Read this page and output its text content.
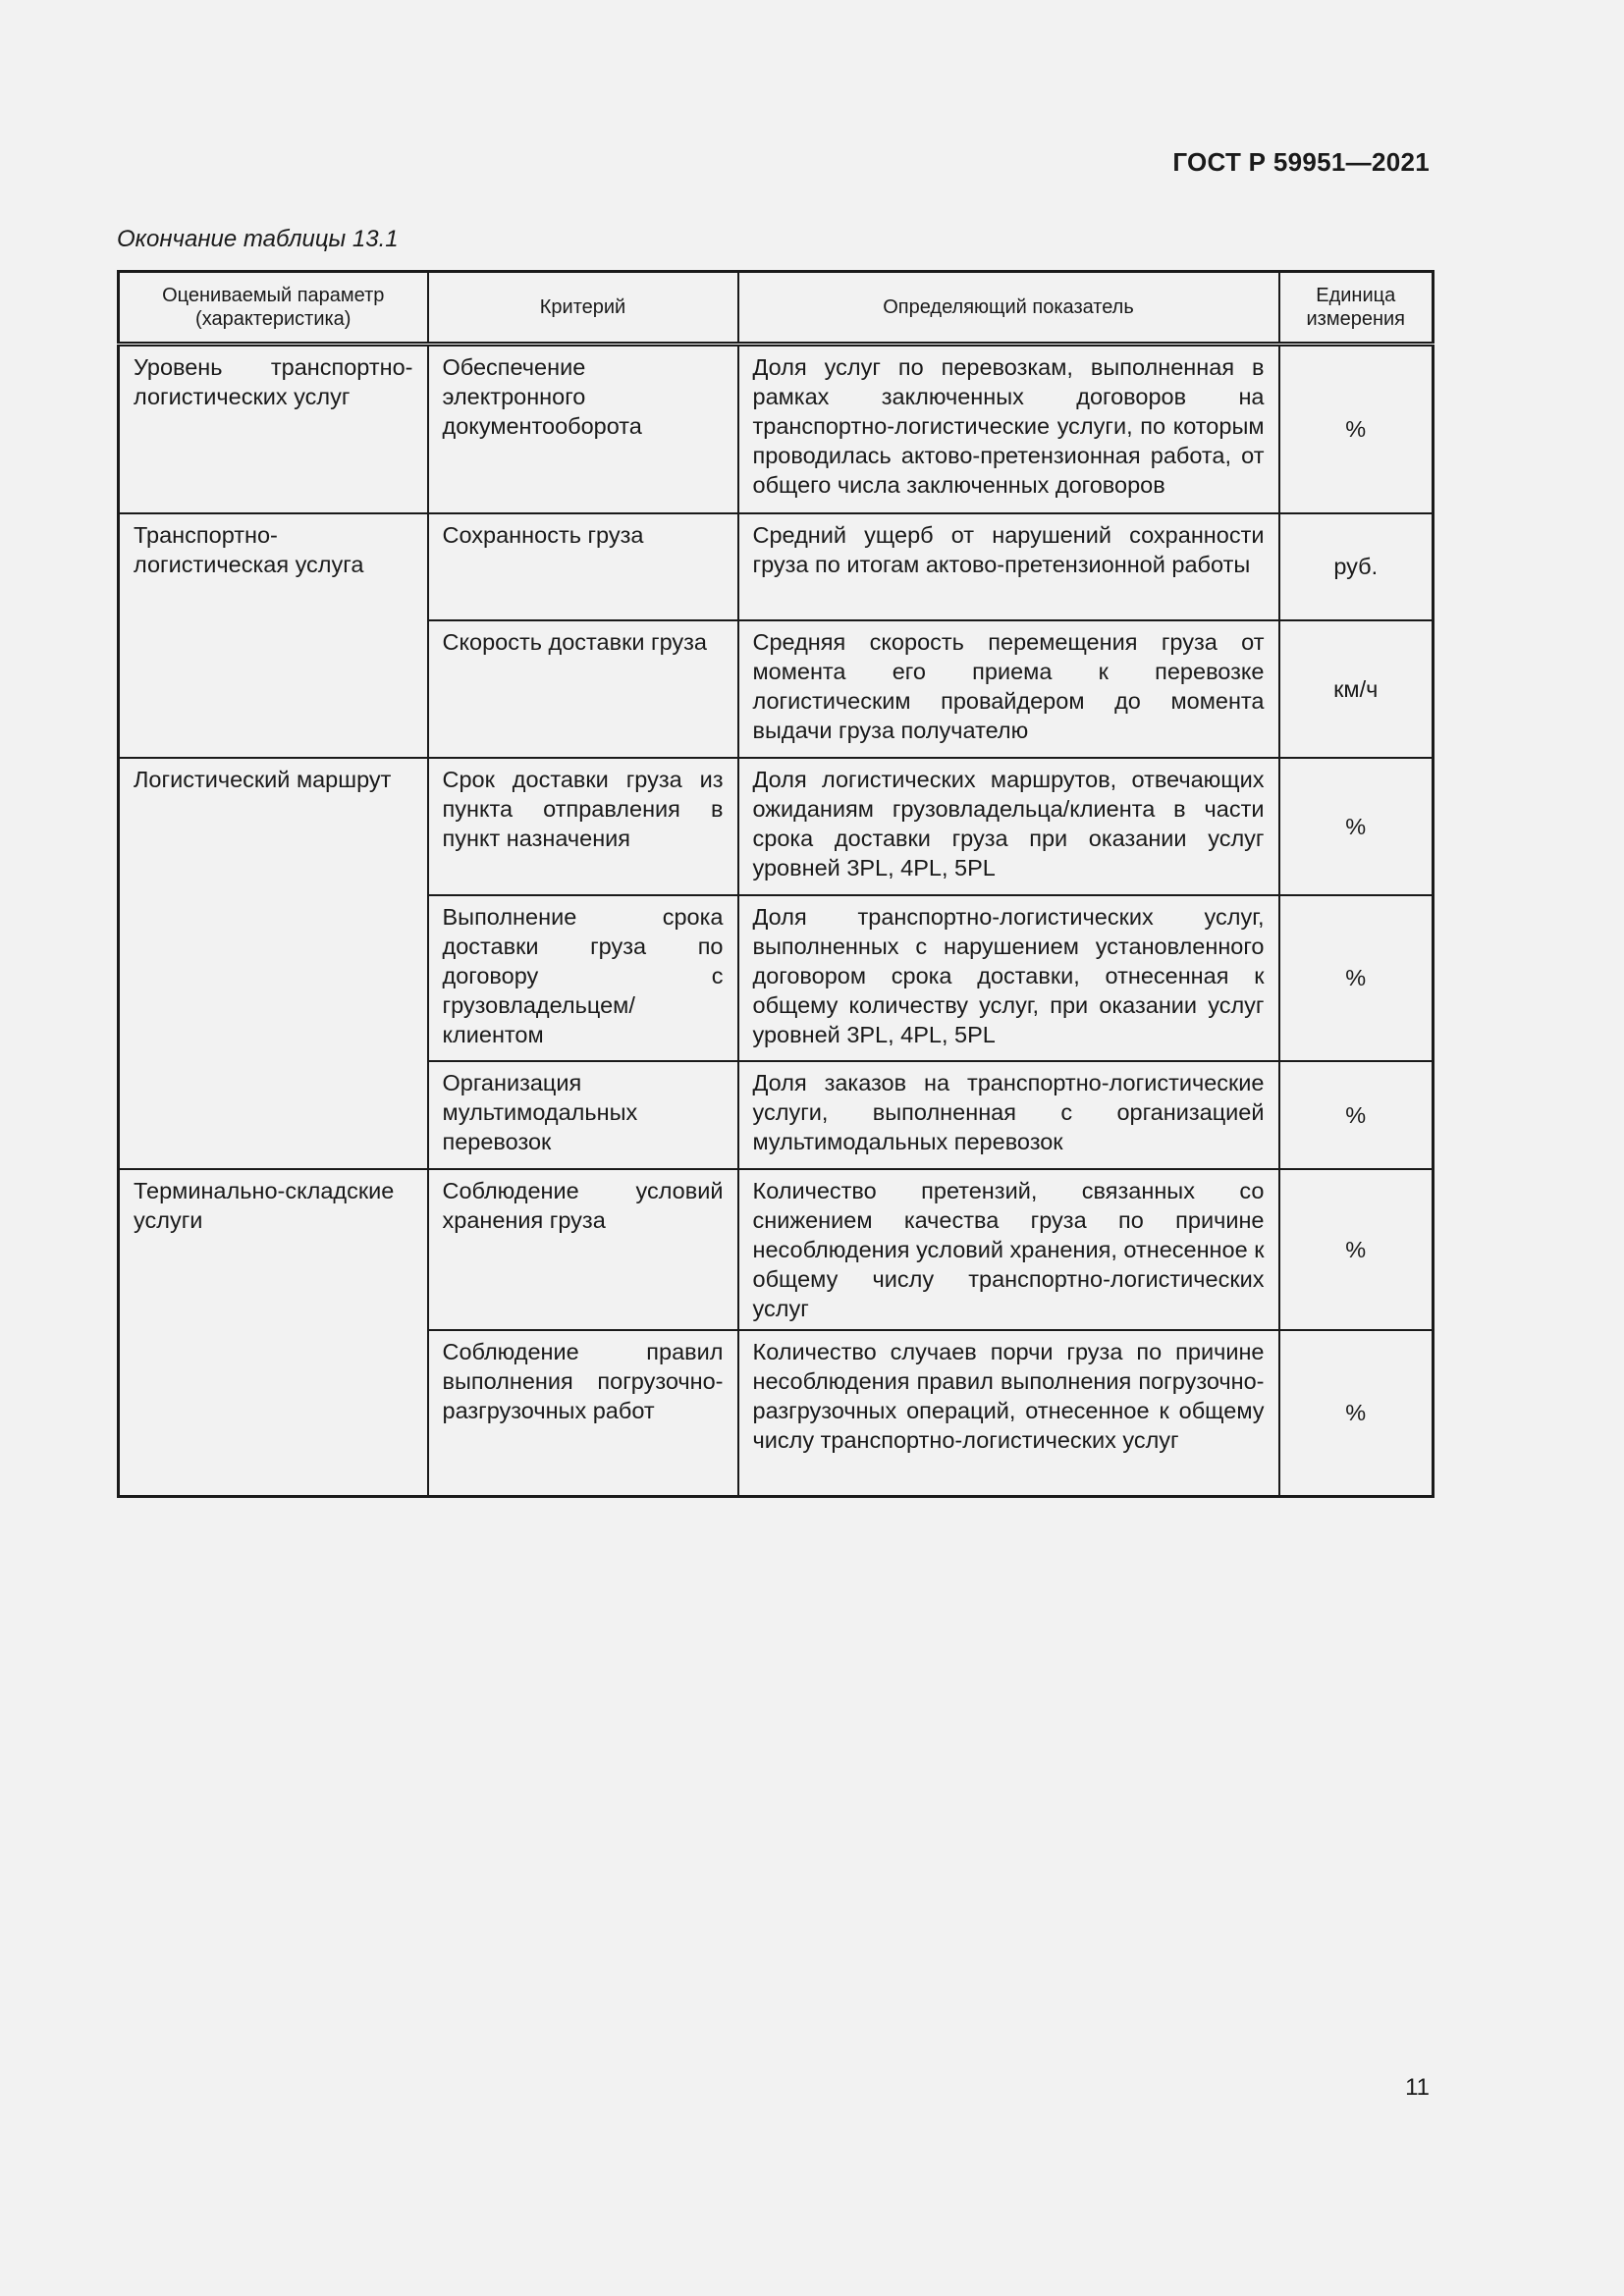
ГОСТ Р 59951—2021
Окончание таблицы 13.1
Оцениваемый параметр (характеристика)	Критерий	Определяющий показатель	Единица измерения
Уровень транспортно-логистических услуг	Обеспечение электронного документооборота	Доля услуг по перевозкам, выполненная в рамках заключенных договоров на транспортно-логистические услуги, по которым проводилась актово-претензионная работа, от общего числа заключенных договоров	%
Транспортно-логистическая услуга	Сохранность груза	Средний ущерб от нарушений сохранности груза по итогам актово-претензионной работы	руб.
	Скорость доставки груза	Средняя скорость перемещения груза от момента его приема к перевозке логистическим провайдером до момента выдачи груза получателю	км/ч
Логистический маршрут	Срок доставки груза из пункта отправления в пункт назначения	Доля логистических маршрутов, отвечающих ожиданиям грузовладельца/клиента в части срока доставки груза при оказании услуг уровней 3PL, 4PL, 5PL	%
	Выполнение срока доставки груза по договору с грузовладельцем/клиентом	Доля транспортно-логистических услуг, выполненных с нарушением установленного договором срока доставки, отнесенная к общему количеству услуг, при оказании услуг уровней 3PL, 4PL, 5PL	%
	Организация мультимодальных перевозок	Доля заказов на транспортно-логистические услуги, выполненная с организацией мультимодальных перевозок	%
Терминально-складские услуги	Соблюдение условий хранения груза	Количество претензий, связанных со снижением качества груза по причине несоблюдения условий хранения, отнесенное к общему числу транспортно-логистических услуг	%
	Соблюдение правил выполнения погрузочно-разгрузочных работ	Количество случаев порчи груза по причине несоблюдения правил выполнения погрузочно-разгрузочных операций, отнесенное к общему числу транспортно-логистических услуг	%
11
